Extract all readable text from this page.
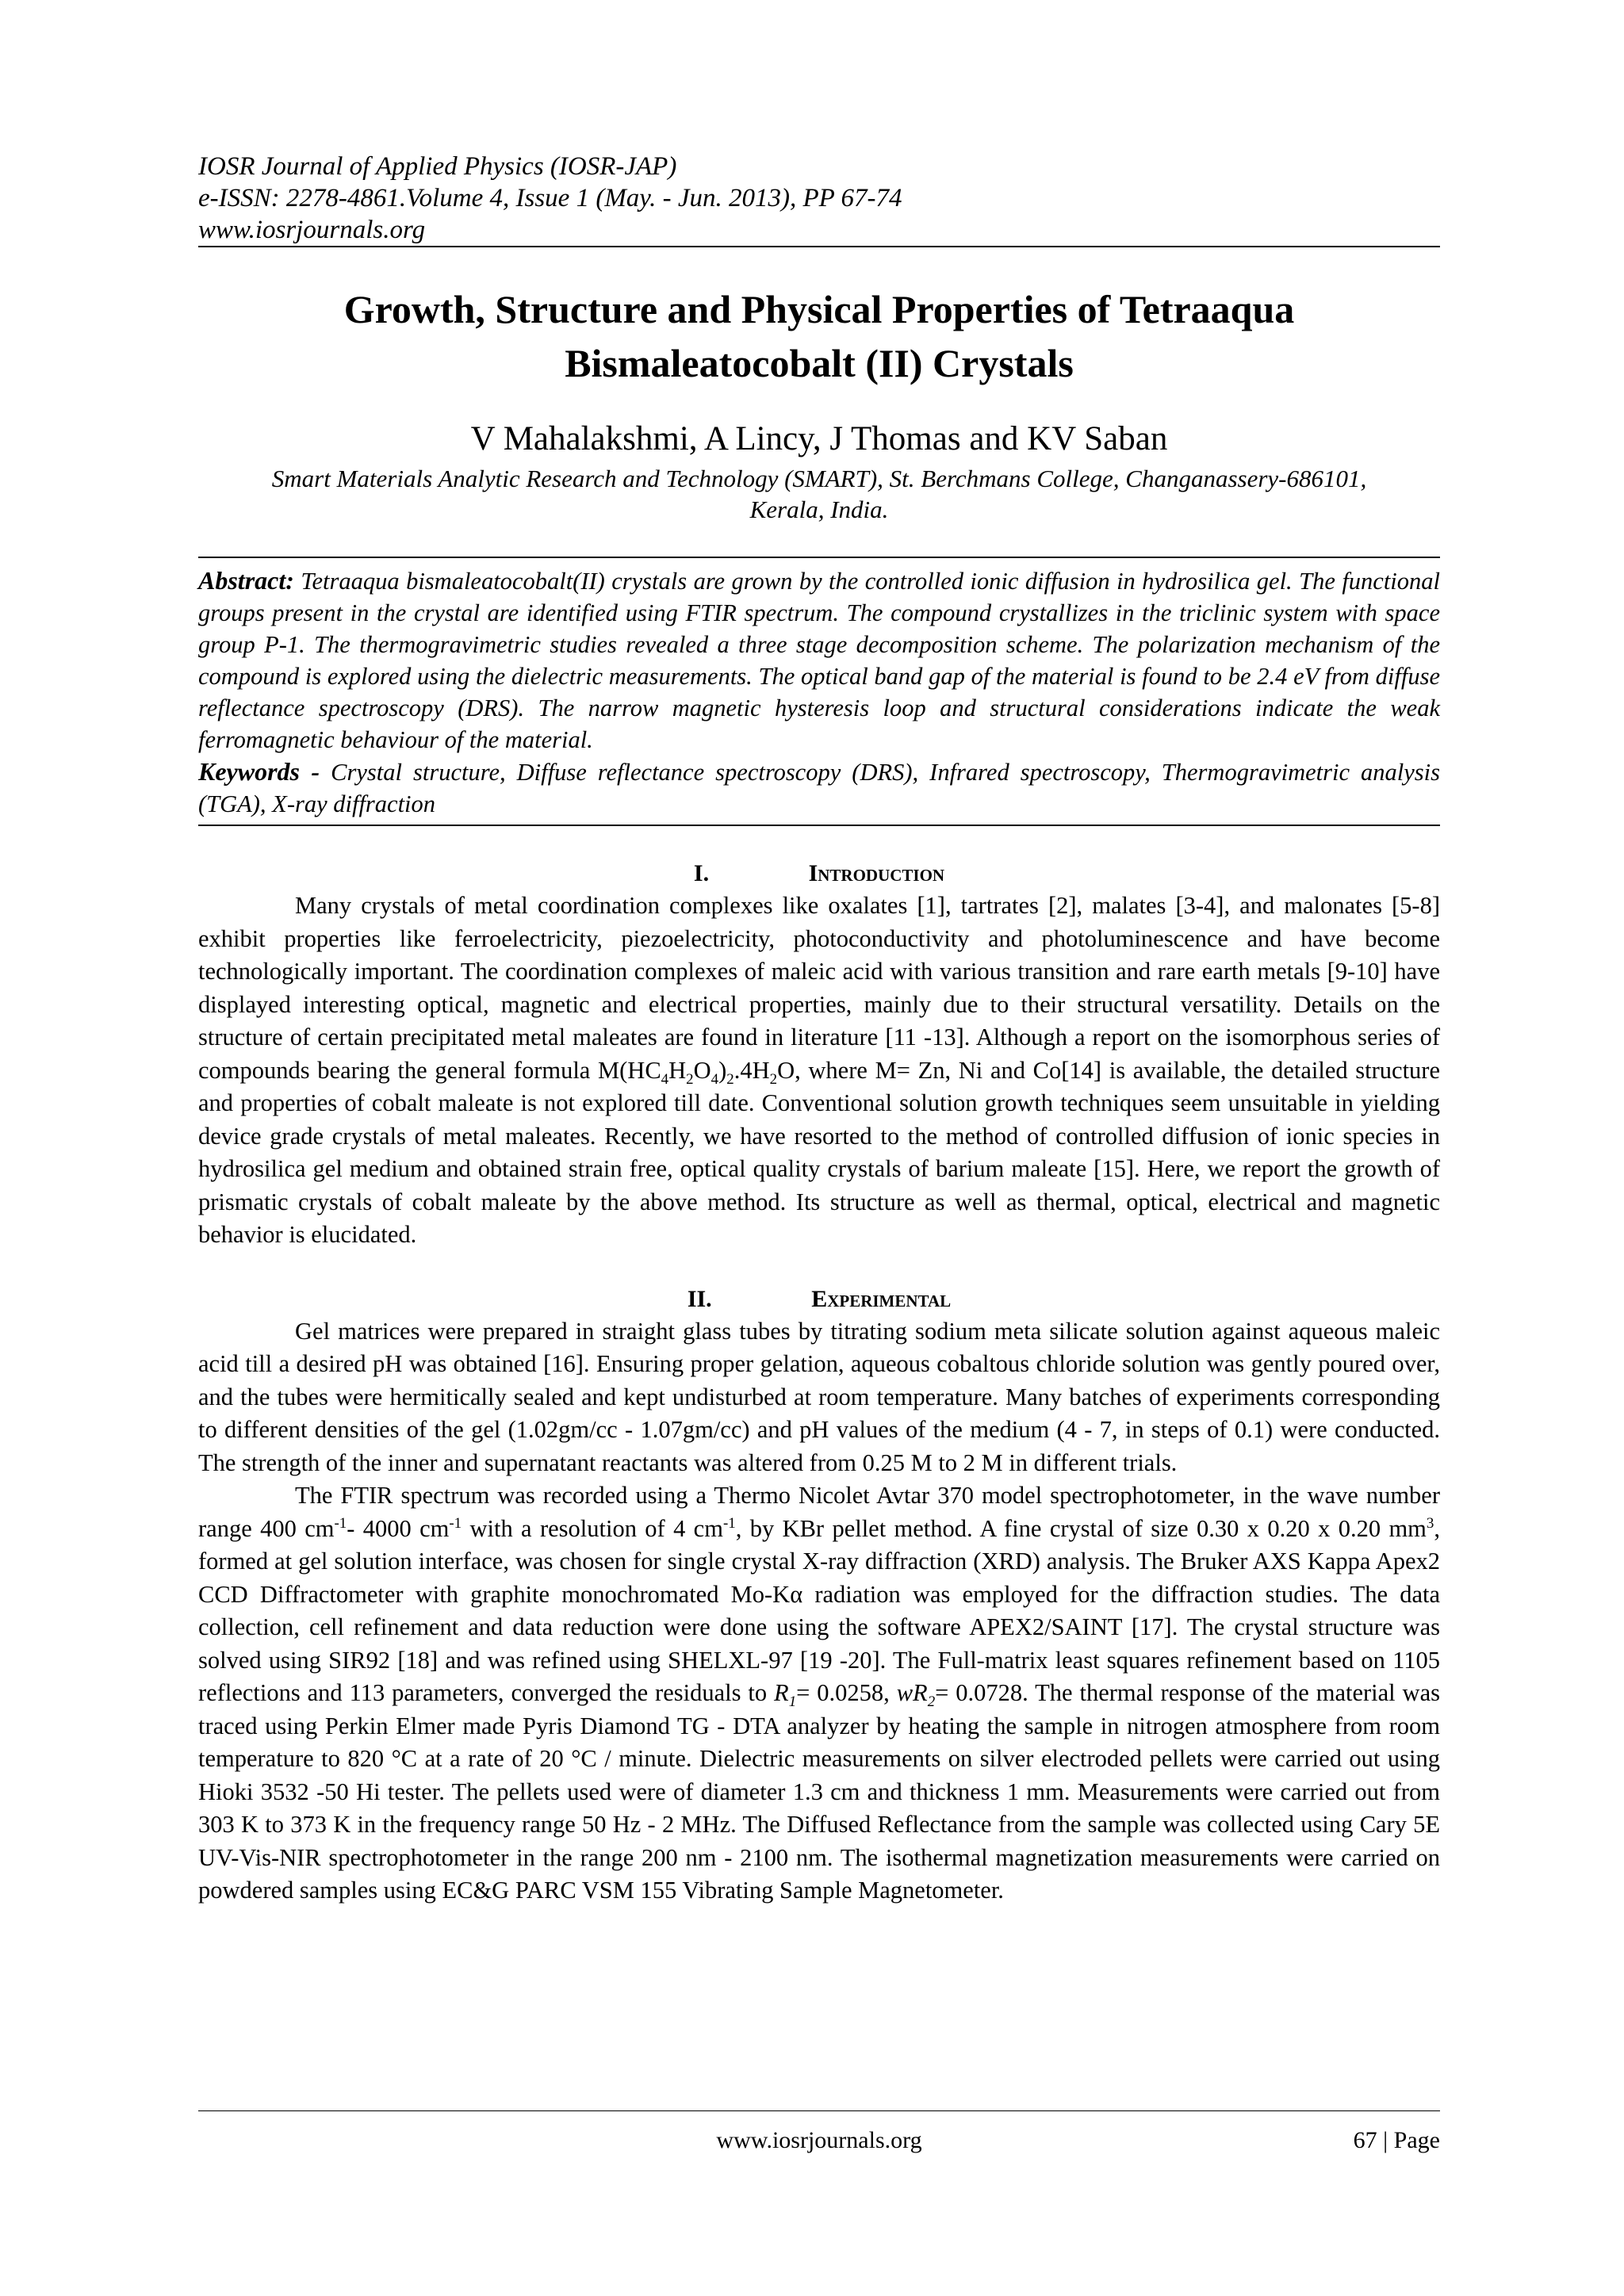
IOSR Journal of Applied Physics (IOSR-JAP)
e-ISSN: 2278-4861.Volume 4, Issue 1 (May. - Jun. 2013), PP 67-74
www.iosrjournals.org
Growth, Structure and Physical Properties of Tetraaqua
Bismaleatocobalt (II) Crystals
V Mahalakshmi, A Lincy, J Thomas and KV Saban
Smart Materials Analytic Research and Technology (SMART), St. Berchmans College, Changanassery-686101,
Kerala, India.
Abstract: Tetraaqua bismaleatocobalt(II) crystals are grown by the controlled ionic diffusion in hydrosilica gel. The functional groups present in the crystal are identified using FTIR spectrum. The compound crystallizes in the triclinic system with space group P-1. The thermogravimetric studies revealed a three stage decomposition scheme. The polarization mechanism of the compound is explored using the dielectric measurements. The optical band gap of the material is found to be 2.4 eV from diffuse reflectance spectroscopy (DRS). The narrow magnetic hysteresis loop and structural considerations indicate the weak ferromagnetic behaviour of the material.
Keywords - Crystal structure, Diffuse reflectance spectroscopy (DRS), Infrared spectroscopy, Thermogravimetric analysis (TGA), X-ray diffraction
I.	Introduction

Many crystals of metal coordination complexes like oxalates [1], tartrates [2], malates [3-4], and malonates [5-8] exhibit properties like ferroelectricity, piezoelectricity, photoconductivity and photoluminescence and have become technologically important. The coordination complexes of maleic acid with various transition and rare earth metals [9-10] have displayed interesting optical, magnetic and electrical properties, mainly due to their structural versatility. Details on the structure of certain precipitated metal maleates are found in literature [11 -13]. Although a report on the isomorphous series of compounds bearing the general formula $M(HC_4H_2O_4)_2.4H_2O$, where M= Zn, Ni and Co[14] is available, the detailed structure and properties of cobalt maleate is not explored till date. Conventional solution growth techniques seem unsuitable in yielding device grade crystals of metal maleates. Recently, we have resorted to the method of controlled diffusion of ionic species in hydrosilica gel medium and obtained strain free, optical quality crystals of barium maleate [15]. Here, we report the growth of prismatic crystals of cobalt maleate by the above method. Its structure as well as thermal, optical, electrical and magnetic behavior is elucidated.

II.	Experimental

Gel matrices were prepared in straight glass tubes by titrating sodium meta silicate solution against aqueous maleic acid till a desired pH was obtained [16]. Ensuring proper gelation, aqueous cobaltous chloride solution was gently poured over, and the tubes were hermitically sealed and kept undisturbed at room temperature. Many batches of experiments corresponding to different densities of the gel (1.02gm/cc - 1.07gm/cc) and pH values of the medium (4 - 7, in steps of 0.1) were conducted. The strength of the inner and supernatant reactants was altered from 0.25 M to 2 M in different trials.

The FTIR spectrum was recorded using a Thermo Nicolet Avtar 370 model spectrophotometer, in the wave number range 400 $cm^{-1}-$ 4000 $cm^{-1}$ with a resolution of 4 $cm^{-1}$, by KBr pellet method. A fine crystal of size 0.30 x 0.20 x 0.20 $mm^3$, formed at gel solution interface, was chosen for single crystal X-ray diffraction (XRD) analysis. The Bruker AXS Kappa Apex2 CCD Diffractometer with graphite monochromated Mo-Kα radiation was employed for the diffraction studies. The data collection, cell refinement and data reduction were done using the software APEX2/SAINT [17]. The crystal structure was solved using SIR92 [18] and was refined using SHELXL-97 [19 -20]. The Full-matrix least squares refinement based on 1105 reflections and 113 parameters, converged the residuals to $R_1= 0.0258$, $wR_2= 0.0728$. The thermal response of the material was traced using Perkin Elmer made Pyris Diamond TG - DTA analyzer by heating the sample in nitrogen atmosphere from room temperature to 820 °C at a rate of 20 °C / minute. Dielectric measurements on silver electroded pellets were carried out using Hioki 3532 -50 Hi tester. The pellets used were of diameter 1.3 cm and thickness 1 mm. Measurements were carried out from 303 K to 373 K in the frequency range 50 Hz - 2 MHz. The Diffused Reflectance from the sample was collected using Cary 5E UV-Vis-NIR spectrophotometer in the range 200 nm - 2100 nm. The isothermal magnetization measurements were carried on powdered samples using EC&G PARC VSM 155 Vibrating Sample Magnetometer.

www.iosrjournals.org	67 | Page
